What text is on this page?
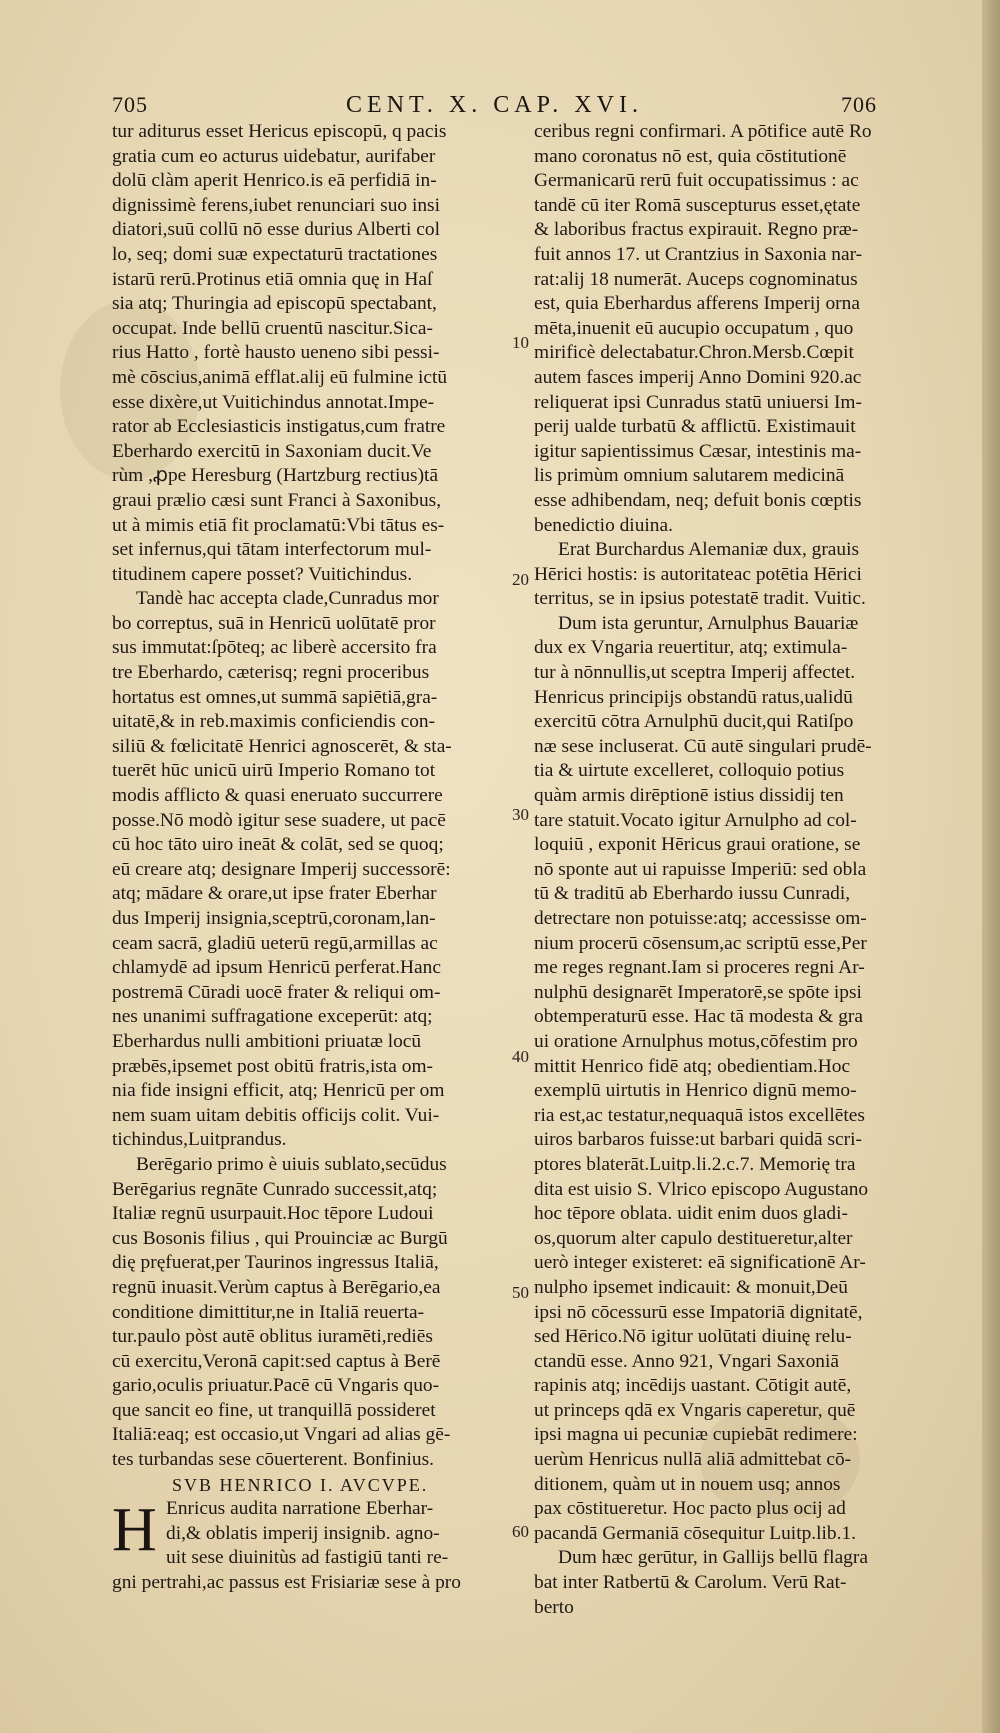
705	CENT. X. CAP. XVI.	706
10
20
30
40
50
60
tur aditurus esset Hericus episcopū, q pacis
gratia cum eo acturus uidebatur, aurifaber
dolū clàm aperit Henrico.is eā perfidiā in-
dignissimè ferens,iubet renunciari suo insi
diatori,suū collū nō esse durius Alberti col
lo, seq; domi suæ expectaturū tractationes
istarū rerū.Protinus etiā omnia quę in Haſ
sia atq; Thuringia ad episcopū spectabant,
occupat. Inde bellū cruentū nascitur.Sica-
rius Hatto , fortè hausto ueneno sibi pessi-
mè cōscius,animā efflat.alij eū fulmine ictū
esse dixère,ut Vuitichindus annotat.Impe-
rator ab Ecclesiasticis instigatus,cum fratre
Eberhardo exercitū in Saxoniam ducit.Ve
rùm ,ꝓpe Heresburg (Hartzburg rectius)tā
graui prælio cæsi sunt Franci à Saxonibus,
ut à mimis etiā fit proclamatū:Vbi tātus es-
set infernus,qui tātam interfectorum mul-
titudinem capere posset? Vuitichindus.
Tandè hac accepta clade,Cunradus mor
bo correptus, suā in Henricū uolūtatē pror
sus immutat:ſpōteq; ac liberè accersito fra
tre Eberhardo, cæterisq; regni proceribus
hortatus est omnes,ut summā sapiētiā,gra-
uitatē,& in reb.maximis conficiendis con-
siliū & fœlicitatē Henrici agnoscerēt, & sta-
tuerēt hūc unicū uirū Imperio Romano tot
modis afflicto & quasi eneruato succurrere
posse.Nō modò igitur sese suadere, ut pacē
cū hoc tāto uiro ineāt & colāt, sed se quoq;
eū creare atq; designare Imperij successorē:
atq; mādare & orare,ut ipse frater Eberhar
dus Imperij insignia,sceptrū,coronam,lan-
ceam sacrā, gladiū ueterū regū,armillas ac
chlamydē ad ipsum Henricū perferat.Hanc
postremā Cūradi uocē frater & reliqui om-
nes unanimi suffragatione exceperūt: atq;
Eberhardus nulli ambitioni priuatæ locū
præbēs,ipsemet post obitū fratris,ista om-
nia fide insigni efficit, atq; Henricū per om
nem suam uitam debitis officijs colit. Vui-
tichindus,Luitprandus.
Berēgario primo è uiuis sublato,secūdus
Berēgarius regnāte Cunrado successit,atq;
Italiæ regnū usurpauit.Hoc tēpore Ludoui
cus Bosonis filius , qui Prouinciæ ac Burgū
dię pręfuerat,per Taurinos ingressus Italiā,
regnū inuasit.Verùm captus à Berēgario,ea
conditione dimittitur,ne in Italiā reuerta-
tur.paulo pòst autē oblitus iuramēti,rediēs
cū exercitu,Veronā capit:sed captus à Berē
gario,oculis priuatur.Pacē cū Vngaris quo-
que sancit eo fine, ut tranquillā possideret
Italiā:eaq; est occasio,ut Vngari ad alias gē-
tes turbandas sese cōuerterent. Bonfinius.
SVB HENRICO I. AVCVPE.
H Enricus audita narratione Eberhar-
di,& oblatis imperij insignib. agno-
uit sese diuinitùs ad fastigiū tanti re-
gni pertrahi,ac passus est Frisiariæ sese à pro
ceribus regni confirmari. A pōtifice autē Ro
mano coronatus nō est, quia cōstitutionē
Germanicarū rerū fuit occupatissimus : ac
tandē cū iter Romā suscepturus esset,ętate
& laboribus fractus expirauit. Regno præ-
fuit annos 17. ut Crantzius in Saxonia nar-
rat:alij 18 numerāt. Auceps cognominatus
est, quia Eberhardus afferens Imperij orna
mēta,inuenit eū aucupio occupatum , quo
mirificè delectabatur.Chron.Mersb.Cœpit
autem fasces imperij Anno Domini 920.ac
reliquerat ipsi Cunradus statū uniuersi Im-
perij ualde turbatū & afflictū. Existimauit
igitur sapientissimus Cæsar, intestinis ma-
lis primùm omnium salutarem medicinā
esse adhibendam, neq; defuit bonis cœptis
benedictio diuina.
Erat Burchardus Alemaniæ dux, grauis
Hērici hostis: is autoritateac potētia Hērici
territus, se in ipsius potestatē tradit. Vuitic.
Dum ista geruntur, Arnulphus Bauariæ
dux ex Vngaria reuertitur, atq; extimula-
tur à nōnnullis,ut sceptra Imperij affectet.
Henricus principijs obstandū ratus,ualidū
exercitū cōtra Arnulphū ducit,qui Ratiſpo
næ sese incluserat. Cū autē singulari prudē-
tia & uirtute excelleret, colloquio potius
quàm armis dirēptionē istius dissidij ten
tare statuit.Vocato igitur Arnulpho ad col-
loquiū , exponit Hēricus graui oratione, se
nō sponte aut ui rapuisse Imperiū: sed obla
tū & traditū ab Eberhardo iussu Cunradi,
detrectare non potuisse:atq; accessisse om-
nium procerū cōsensum,ac scriptū esse,Per
me reges regnant.Iam si proceres regni Ar-
nulphū designarēt Imperatorē,se spōte ipsi
obtemperaturū esse. Hac tā modesta & gra
ui oratione Arnulphus motus,cōfestim pro
mittit Henrico fidē atq; obedientiam.Hoc
exemplū uirtutis in Henrico dignū memo-
ria est,ac testatur,nequaquā istos excellētes
uiros barbaros fuisse:ut barbari quidā scri-
ptores blaterāt.Luitp.li.2.c.7. Memorię tra
dita est uisio S. Vlrico episcopo Augustano
hoc tēpore oblata. uidit enim duos gladi-
os,quorum alter capulo destitueretur,alter
uerò integer existeret: eā significationē Ar-
nulpho ipsemet indicauit: & monuit,Deū
ipsi nō cōcessurū esse Impatoriā dignitatē,
sed Hērico.Nō igitur uolūtati diuinę relu-
ctandū esse. Anno 921, Vngari Saxoniā
rapinis atq; incēdijs uastant. Cōtigit autē,
ut princeps qdā ex Vngaris caperetur, quē
ipsi magna ui pecuniæ cupiebāt redimere:
uerùm Henricus nullā aliā admittebat cō-
ditionem, quàm ut in nouem usq; annos
pax cōstitueretur. Hoc pacto plus ocij ad
pacandā Germaniā cōsequitur Luitp.lib.1.
Dum hæc gerūtur, in Gallijs bellū flagra
bat inter Ratbertū & Carolum. Verū Rat-
berto
